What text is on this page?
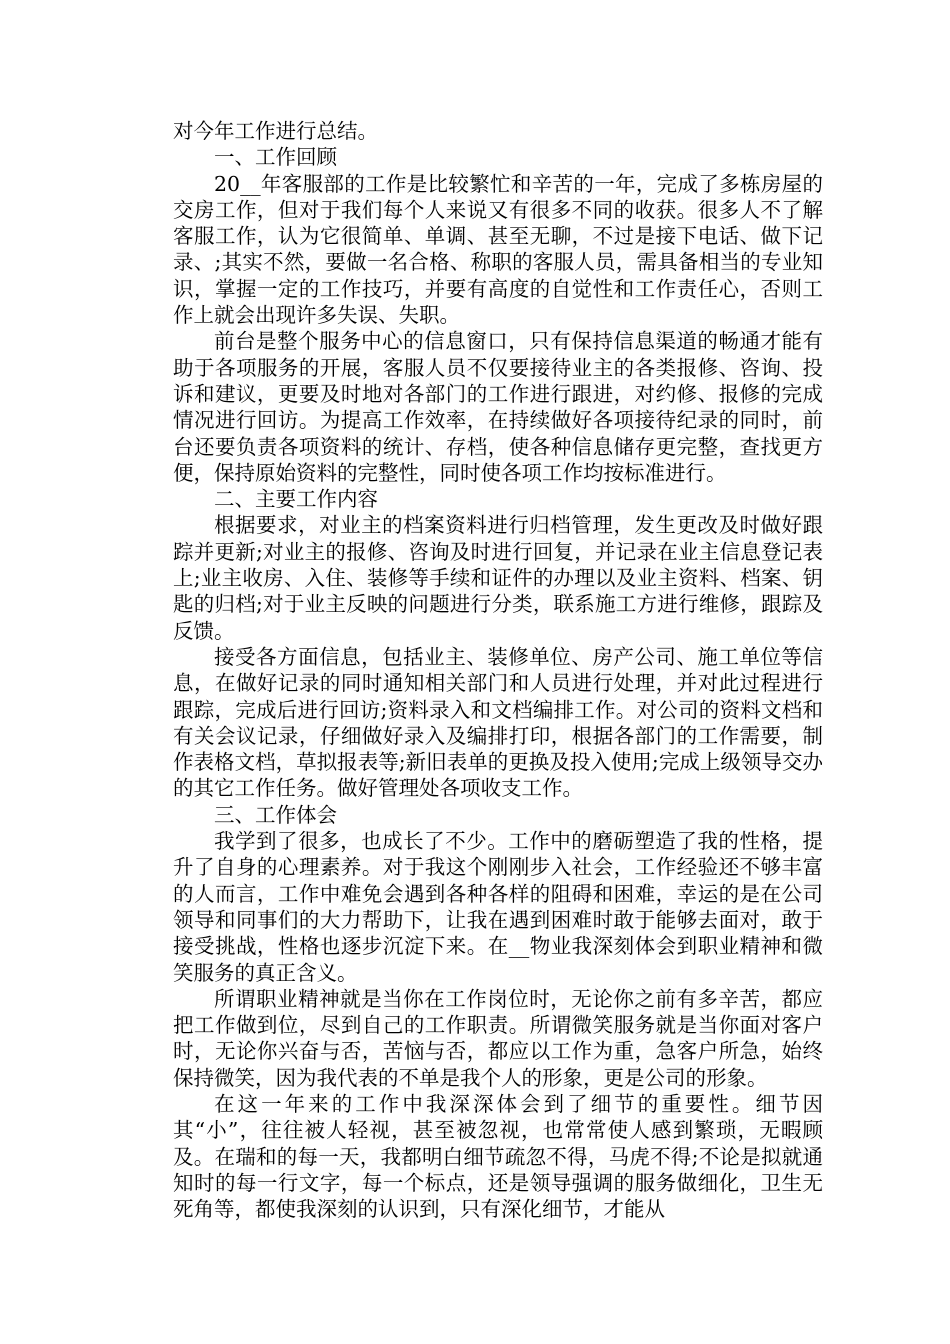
对今年工作进行总结。

一、工作回顾

20__年客服部的工作是比较繁忙和辛苦的一年，完成了多栋房屋的交房工作，但对于我们每个人来说又有很多不同的收获。很多人不了解客服工作，认为它很简单、单调、甚至无聊，不过是接下电话、做下记录、;其实不然，要做一名合格、称职的客服人员，需具备相当的专业知识，掌握一定的工作技巧，并要有高度的自觉性和工作责任心，否则工作上就会出现许多失误、失职。

前台是整个服务中心的信息窗口，只有保持信息渠道的畅通才能有助于各项服务的开展，客服人员不仅要接待业主的各类报修、咨询、投诉和建议，更要及时地对各部门的工作进行跟进，对约修、报修的完成情况进行回访。为提高工作效率，在持续做好各项接待纪录的同时，前台还要负责各项资料的统计、存档，使各种信息储存更完整，查找更方便，保持原始资料的完整性，同时使各项工作均按标准进行。

二、主要工作内容

根据要求，对业主的档案资料进行归档管理，发生更改及时做好跟踪并更新;对业主的报修、咨询及时进行回复，并记录在业主信息登记表上;业主收房、入住、装修等手续和证件的办理以及业主资料、档案、钥匙的归档;对于业主反映的问题进行分类，联系施工方进行维修，跟踪及反馈。

接受各方面信息，包括业主、装修单位、房产公司、施工单位等信息，在做好记录的同时通知相关部门和人员进行处理，并对此过程进行跟踪，完成后进行回访;资料录入和文档编排工作。对公司的资料文档和有关会议记录，仔细做好录入及编排打印，根据各部门的工作需要，制作表格文档，草拟报表等;新旧表单的更换及投入使用;完成上级领导交办的其它工作任务。做好管理处各项收支工作。

三、工作体会

我学到了很多，也成长了不少。工作中的磨砺塑造了我的性格，提升了自身的心理素养。对于我这个刚刚步入社会，工作经验还不够丰富的人而言，工作中难免会遇到各种各样的阻碍和困难，幸运的是在公司领导和同事们的大力帮助下，让我在遇到困难时敢于能够去面对，敢于接受挑战，性格也逐步沉淀下来。在__物业我深刻体会到职业精神和微笑服务的真正含义。

所谓职业精神就是当你在工作岗位时，无论你之前有多辛苦，都应把工作做到位，尽到自己的工作职责。所谓微笑服务就是当你面对客户时，无论你兴奋与否，苦恼与否，都应以工作为重，急客户所急，始终保持微笑，因为我代表的不单是我个人的形象，更是公司的形象。

在这一年来的工作中我深深体会到了细节的重要性。细节因其“小”，往往被人轻视，甚至被忽视，也常常使人感到繁琐，无暇顾及。在瑞和的每一天，我都明白细节疏忽不得，马虎不得;不论是拟就通知时的每一行文字，每一个标点，还是领导强调的服务做细化，卫生无死角等，都使我深刻的认识到，只有深化细节，才能从
